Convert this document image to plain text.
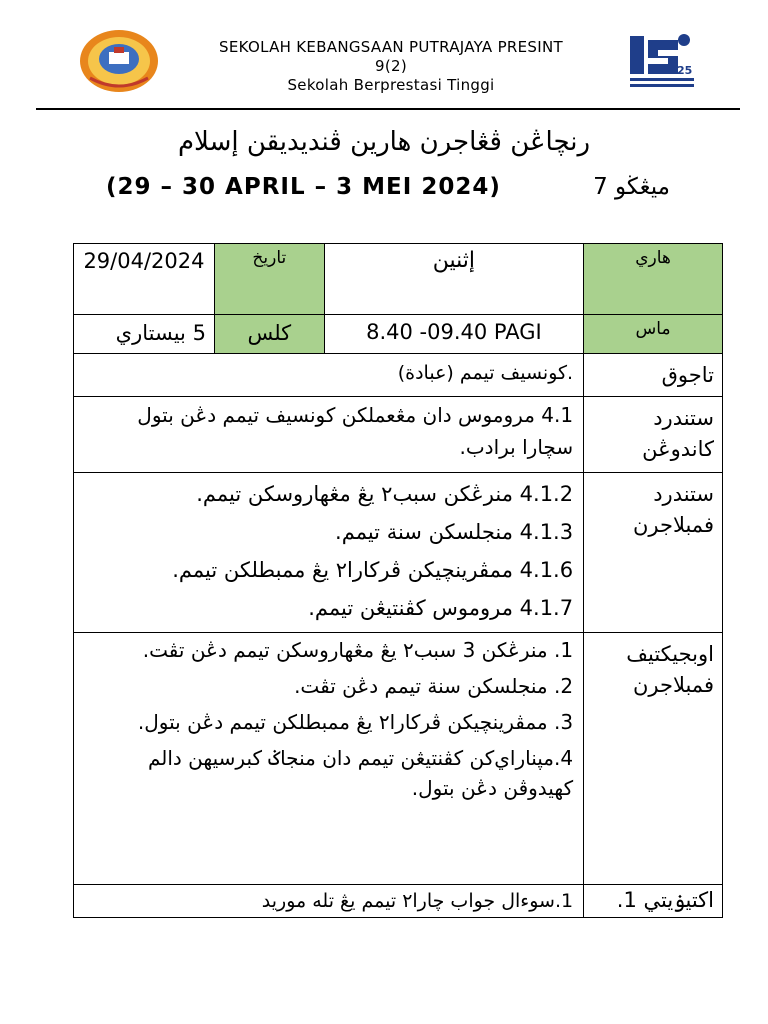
SEKOLAH KEBANGSAAN PUTRAJAYA PRESINT
9(2)
Sekolah Berprestasi Tinggi
25
رنچاڠن ڤڠاجرن هارين ڤنديديقن إسلام
(29 – 30 APRIL – 3 MEI 2024)	ميڠڬو 7
29/04/2024	تاريخ	إثنين	هاري
5 بيستاري	كلس	8.40 -09.40 PAGI	ماس
.كونسيف تيمم (عبادة)			تاجوق
4.1 مروموس دان مڠعملكن كونسيف تيمم دڠن بتول سچارا برادب.			ستندرد كاندوڠن

4.1.2 منرڠكن سبب٢ يڠ مڠهاروسكن تيمم.

4.1.3 منجلسكن سنة تيمم.

4.1.6 ممڤرينچيكن ڤركارا٢ يڠ ممبطلكن تيمم.

4.1.7 مروموس كڤنتيڠن تيمم.			ستندرد فمبلاجرن

1. منرڠكن 3 سبب٢ يڠ مڠهاروسكن تيمم دڠن تڤت.

2. منجلسكن سنة تيمم دڠن تڤت.

3. ممڤرينچيكن ڤركارا٢ يڠ ممبطلكن تيمم دڠن بتول.

4.مڽناراي‌كن كڤنتيڠن تيمم دان منجاݢ كبرسيهن دالم كهيدوڤن دڠن بتول.			اوبجيكتيف فمبلاجرن
1.سوءال جواب چارا٢ تيمم يڠ تله موريد			اكتيۏيتي 1.
